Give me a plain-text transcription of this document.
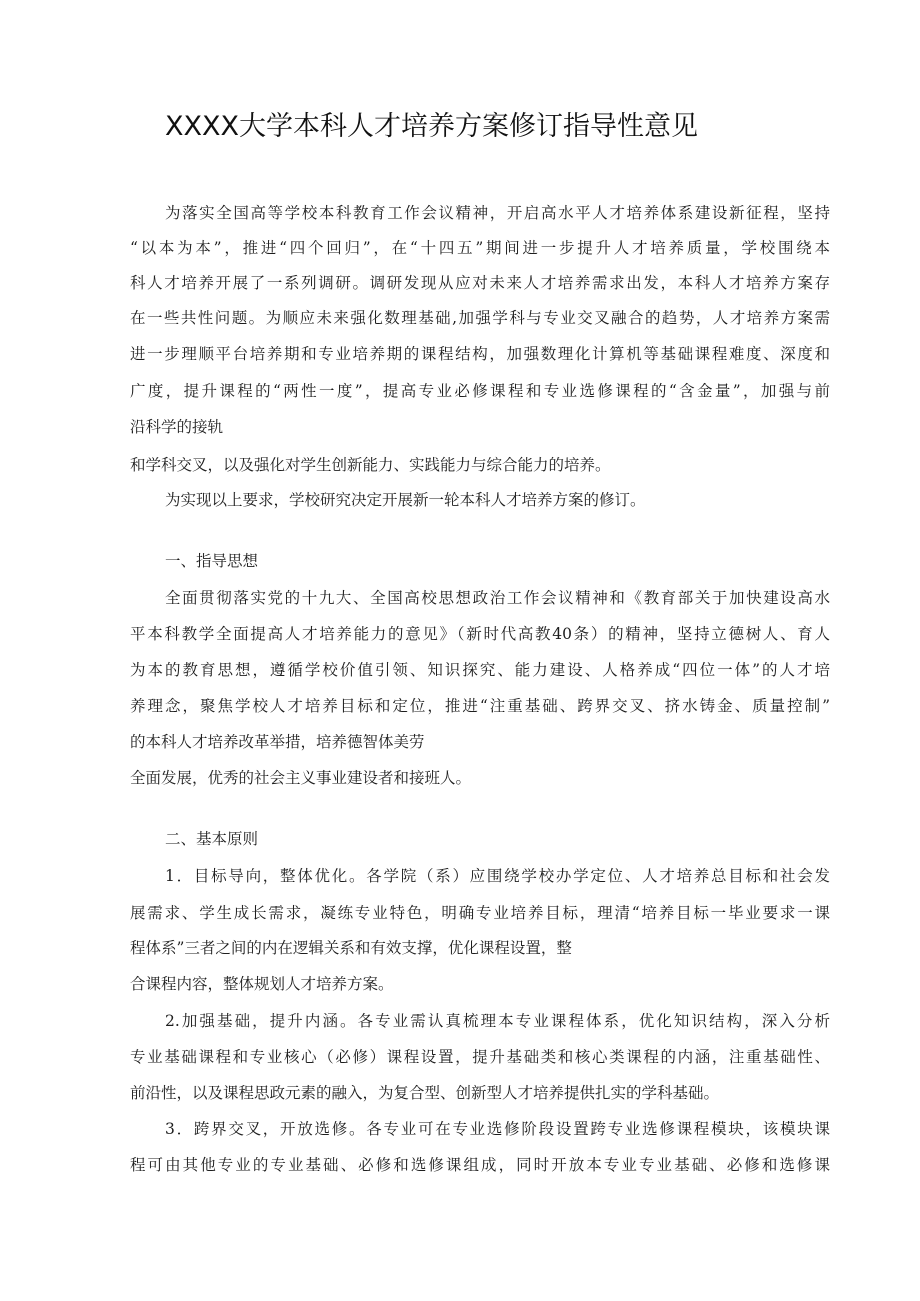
XXXX大学本科人才培养方案修订指导性意见
为落实全国高等学校本科教育工作会议精神，开启高水平人才培养体系建设新征程，坚持
“以本为本”，推进“四个回归”，在“十四五”期间进一步提升人才培养质量，学校围绕本
科人才培养开展了一系列调研。调研发现从应对未来人才培养需求出发，本科人才培养方案存
在一些共性问题。为顺应未来强化数理基础,加强学科与专业交叉融合的趋势，人才培养方案需
进一步理顺平台培养期和专业培养期的课程结构，加强数理化计算机等基础课程难度、深度和
广度，提升课程的“两性一度”，提高专业必修课程和专业选修课程的“含金量”，加强与前
沿科学的接轨
和学科交叉，以及强化对学生创新能力、实践能力与综合能力的培养。
为实现以上要求，学校研究决定开展新一轮本科人才培养方案的修订。
一、指导思想
全面贯彻落实党的十九大、全国高校思想政治工作会议精神和《教育部关于加快建设高水
平本科教学全面提高人才培养能力的意见》（新时代高教40条）的精神，坚持立德树人、育人
为本的教育思想，遵循学校价值引领、知识探究、能力建设、人格养成“四位一体”的人才培
养理念，聚焦学校人才培养目标和定位，推进“注重基础、跨界交叉、挤水铸金、质量控制”
的本科人才培养改革举措，培养德智体美劳
全面发展，优秀的社会主义事业建设者和接班人。
二、基本原则
1．目标导向，整体优化。各学院（系）应围绕学校办学定位、人才培养总目标和社会发
展需求、学生成长需求，凝练专业特色，明确专业培养目标，理清“培养目标一毕业要求一课
程体系”三者之间的内在逻辑关系和有效支撑，优化课程设置，整
合课程内容，整体规划人才培养方案。
2.加强基础，提升内涵。各专业需认真梳理本专业课程体系，优化知识结构，深入分析
专业基础课程和专业核心（必修）课程设置，提升基础类和核心类课程的内涵，注重基础性、
前沿性，以及课程思政元素的融入，为复合型、创新型人才培养提供扎实的学科基础。
3．跨界交叉，开放选修。各专业可在专业选修阶段设置跨专业选修课程模块，该模块课
程可由其他专业的专业基础、必修和选修课组成，同时开放本专业专业基础、必修和选修课
